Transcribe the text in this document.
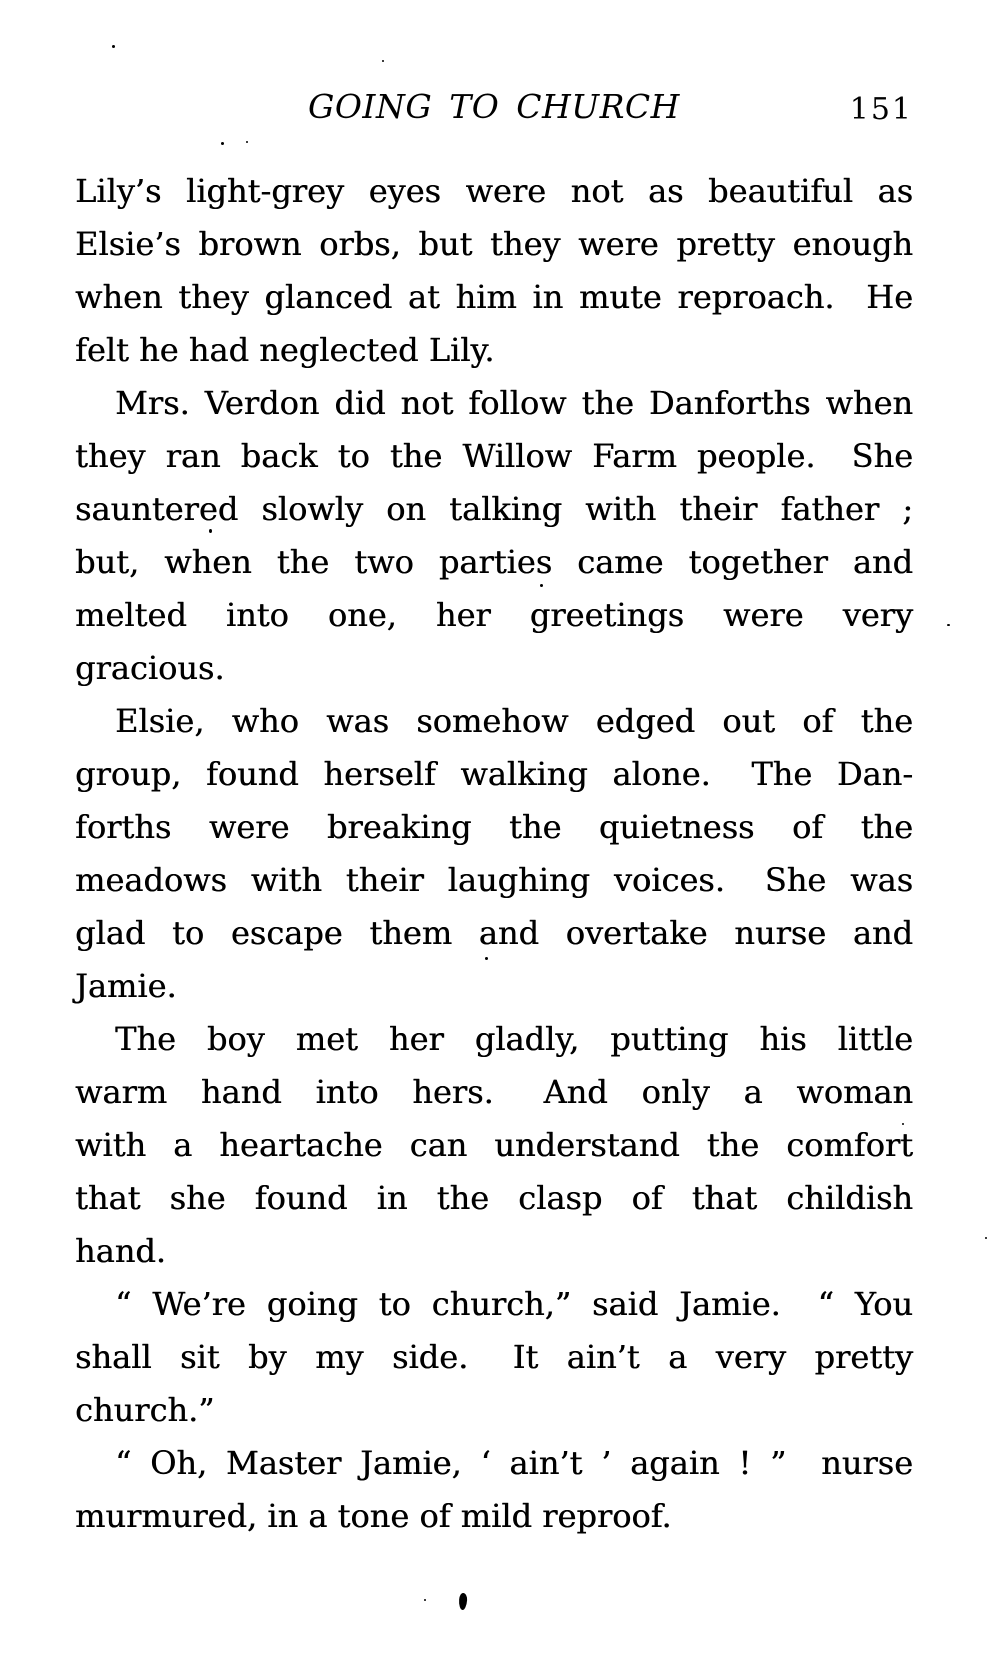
GOING TO CHURCH	151
Lily’s light-grey eyes were not as beautiful as
Elsie’s brown orbs, but they were pretty enough
when they glanced at him in mute reproach.  He
felt he had neglected Lily.
Mrs. Verdon did not follow the Danforths when
they ran back to the Willow Farm people.  She
sauntered slowly on talking with their father ;
but, when the two parties came together and
melted into one, her greetings were very
gracious.
Elsie, who was somehow edged out of the
group, found herself walking alone.  The Dan-
forths were breaking the quietness of the
meadows with their laughing voices.  She was
glad to escape them and overtake nurse and
Jamie.
The boy met her gladly, putting his little
warm hand into hers.  And only a woman
with a heartache can understand the comfort
that she found in the clasp of that childish
hand.
“ We’re going to church,” said Jamie.  “ You
shall sit by my side.  It ain’t a very pretty
church.”
“ Oh, Master Jamie, ‘ ain’t ’ again ! ”  nurse
murmured, in a tone of mild reproof.
